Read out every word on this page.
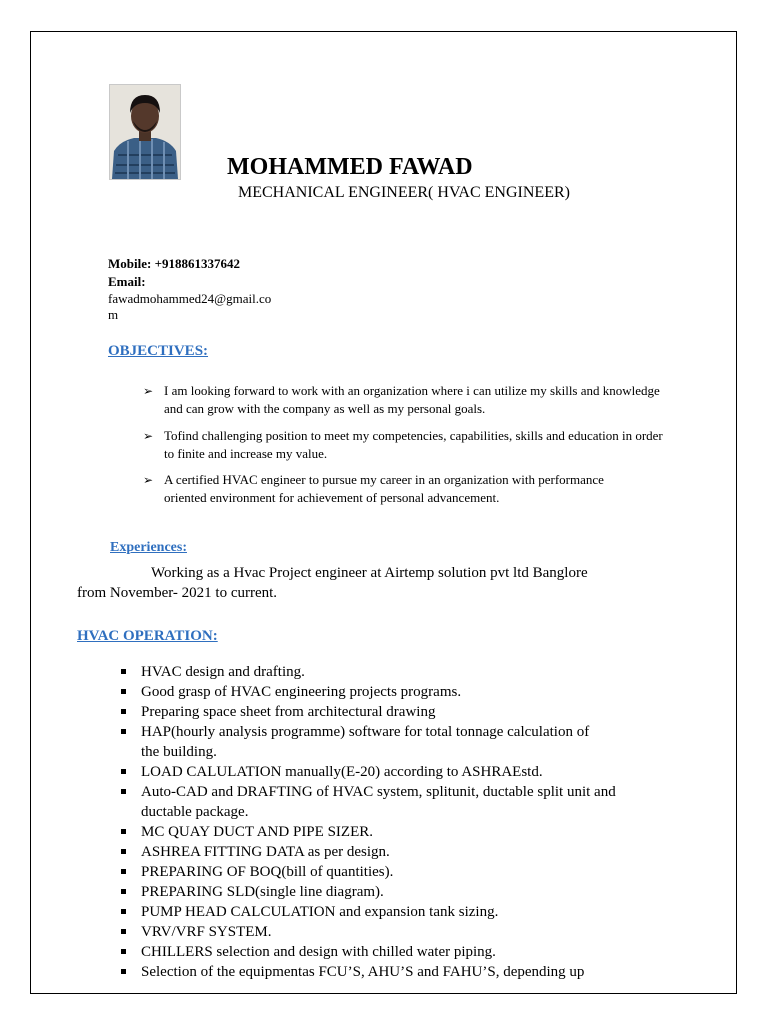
MOHAMMED FAWAD
MECHANICAL ENGINEER( HVAC ENGINEER)
Mobile: +918861337642
Email:
fawadmohammed24@gmail.co
m
OBJECTIVES:
➢ I am looking forward to work with an organization where i can utilize my skills and knowledge
and can grow with the company as well as my personal goals.
➢ Tofind challenging position to meet my competencies, capabilities, skills and education in order
to finite and increase my value.
➢ A certified HVAC engineer to pursue my career in an organization with performance
oriented environment for achievement of personal advancement.
Experiences:
Working as a Hvac Project engineer at Airtemp solution pvt ltd Banglore
from November- 2021 to current.
HVAC OPERATION:
HVAC design and drafting.
Good grasp of HVAC engineering projects programs.
Preparing space sheet from architectural drawing
HAP(hourly analysis programme) software for total tonnage calculation of
the building.
LOAD CALULATION manually(E-20) according to ASHRAEstd.
Auto-CAD and DRAFTING of HVAC system, splitunit, ductable split unit and
ductable package.
MC QUAY DUCT AND PIPE SIZER.
ASHREA FITTING DATA as per design.
PREPARING OF BOQ(bill of quantities).
PREPARING SLD(single line diagram).
PUMP HEAD CALCULATION and expansion tank sizing.
VRV/VRF SYSTEM.
CHILLERS selection and design with chilled water piping.
Selection of the equipmentas FCU’S, AHU’S and FAHU’S, depending up
